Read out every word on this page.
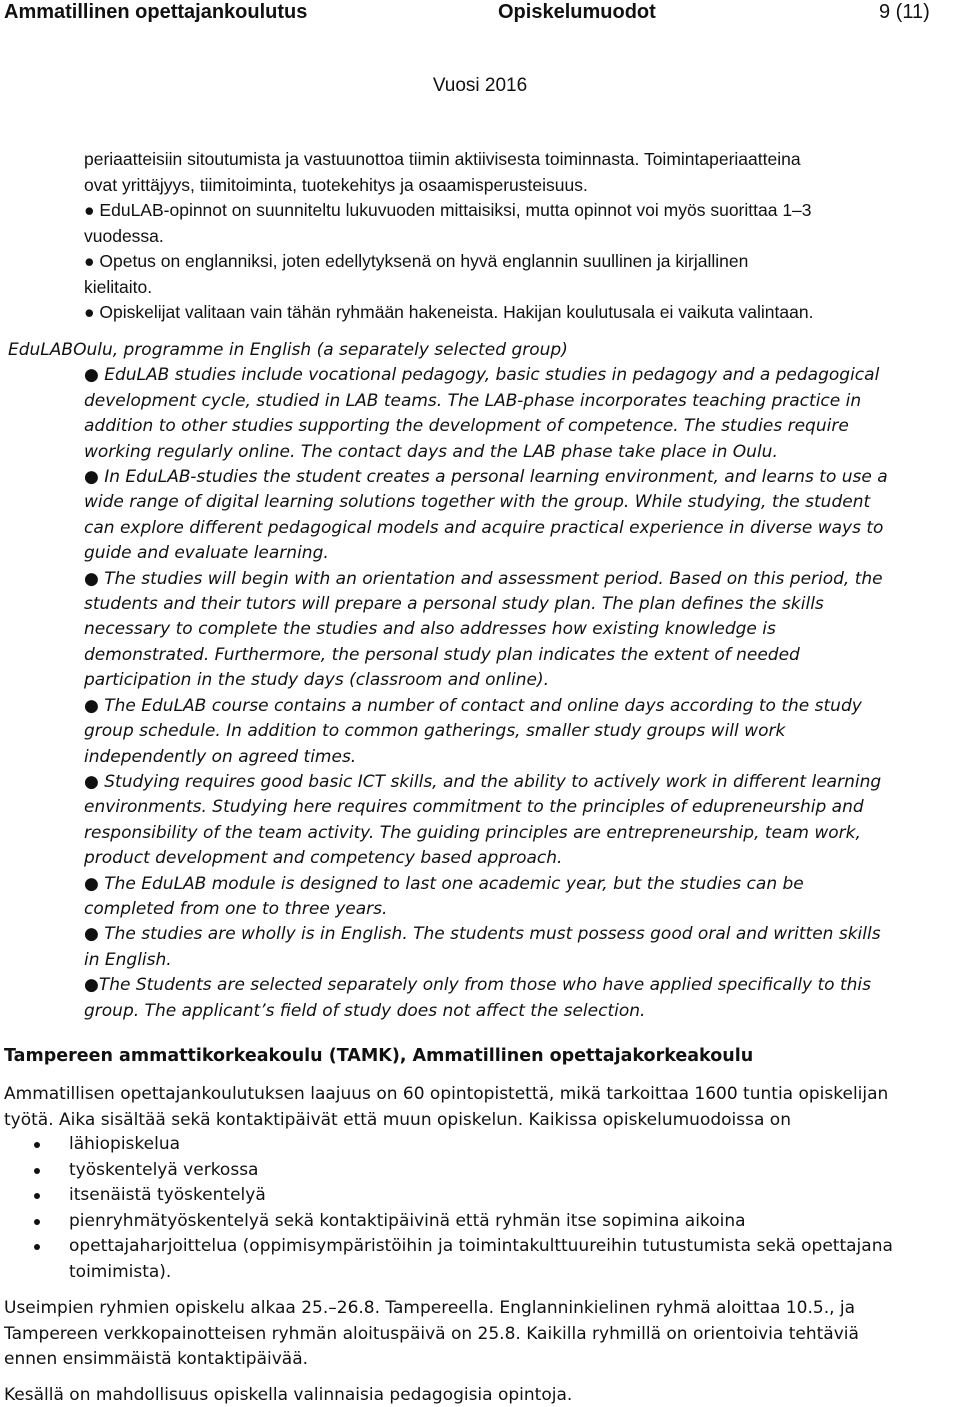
Ammatillinen opettajankoulutus	Opiskelumuodot	9 (11)
Vuosi 2016
periaatteisiin sitoutumista ja vastuunottoa tiimin aktiivisesta toiminnasta. Toimintaperiaatteina
ovat yrittäjyys, tiimitoiminta, tuotekehitys ja osaamisperusteisuus.
● EduLAB-opinnot on suunniteltu lukuvuoden mittaisiksi, mutta opinnot voi myös suorittaa 1–3
vuodessa.
● Opetus on englanniksi, joten edellytyksenä on hyvä englannin suullinen ja kirjallinen
kielitaito.
● Opiskelijat valitaan vain tähän ryhmään hakeneista. Hakijan koulutusala ei vaikuta valintaan.
EduLABOulu, programme in English (a separately selected group)
● EduLAB studies include vocational pedagogy, basic studies in pedagogy and a pedagogical
development cycle, studied in LAB teams. The LAB-phase incorporates teaching practice in
addition to other studies supporting the development of competence. The studies require
working regularly online. The contact days and the LAB phase take place in Oulu.
● In EduLAB-studies the student creates a personal learning environment, and learns to use a
wide range of digital learning solutions together with the group. While studying, the student
can explore different pedagogical models and acquire practical experience in diverse ways to
guide and evaluate learning.
● The studies will begin with an orientation and assessment period. Based on this period, the
students and their tutors will prepare a personal study plan. The plan defines the skills
necessary to complete the studies and also addresses how existing knowledge is
demonstrated. Furthermore, the personal study plan indicates the extent of needed
participation in the study days (classroom and online).
● The EduLAB course contains a number of contact and online days according to the study
group schedule. In addition to common gatherings, smaller study groups will work
independently on agreed times.
● Studying requires good basic ICT skills, and the ability to actively work in different learning
environments. Studying here requires commitment to the principles of edupreneurship and
responsibility of the team activity. The guiding principles are entrepreneurship, team work,
product development and competency based approach.
● The EduLAB module is designed to last one academic year, but the studies can be
completed from one to three years.
● The studies are wholly is in English. The students must possess good oral and written skills
in English.
●The Students are selected separately only from those who have applied specifically to this
group. The applicant’s field of study does not affect the selection.
Tampereen ammattikorkeakoulu (TAMK), Ammatillinen opettajakorkeakoulu
Ammatillisen opettajankoulutuksen laajuus on 60 opintopistettä, mikä tarkoittaa 1600 tuntia opiskelijan
työtä. Aika sisältää sekä kontaktipäivät että muun opiskelun. Kaikissa opiskelumuodoissa on
lähiopiskelua
työskentelyä verkossa
itsenäistä työskentelyä
pienryhmätyöskentelyä sekä kontaktipäivinä että ryhmän itse sopimina aikoina
opettajaharjoittelua (oppimisympäristöihin ja toimintakulttuureihin tutustumista sekä opettajana
toimimista).
Useimpien ryhmien opiskelu alkaa 25.–26.8. Tampereella. Englanninkielinen ryhmä aloittaa 10.5., ja
Tampereen verkkopainotteisen ryhmän aloituspäivä on 25.8. Kaikilla ryhmillä on orientoivia tehtäviä
ennen ensimmäistä kontaktipäivää.
Kesällä on mahdollisuus opiskella valinnaisia pedagogisia opintoja.
